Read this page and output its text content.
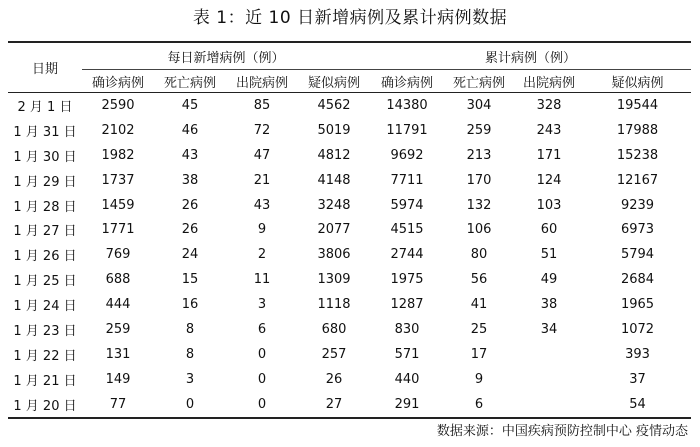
表 1：近 10 日新增病例及累计病例数据
日期	每日新增病例（例）				累计病例（例）			
	确诊病例	死亡病例	出院病例	疑似病例	确诊病例	死亡病例	出院病例	疑似病例
2 月 1 日	2590	45	85	4562	14380	304	328	19544
1 月 31 日	2102	46	72	5019	11791	259	243	17988
1 月 30 日	1982	43	47	4812	9692	213	171	15238
1 月 29 日	1737	38	21	4148	7711	170	124	12167
1 月 28 日	1459	26	43	3248	5974	132	103	9239
1 月 27 日	1771	26	9	2077	4515	106	60	6973
1 月 26 日	769	24	2	3806	2744	80	51	5794
1 月 25 日	688	15	11	1309	1975	56	49	2684
1 月 24 日	444	16	3	1118	1287	41	38	1965
1 月 23 日	259	8	6	680	830	25	34	1072
1 月 22 日	131	8	0	257	571	17		393
1 月 21 日	149	3	0	26	440	9		37
1 月 20 日	77	0	0	27	291	6		54
数据来源：中国疾病预防控制中心 疫情动态
